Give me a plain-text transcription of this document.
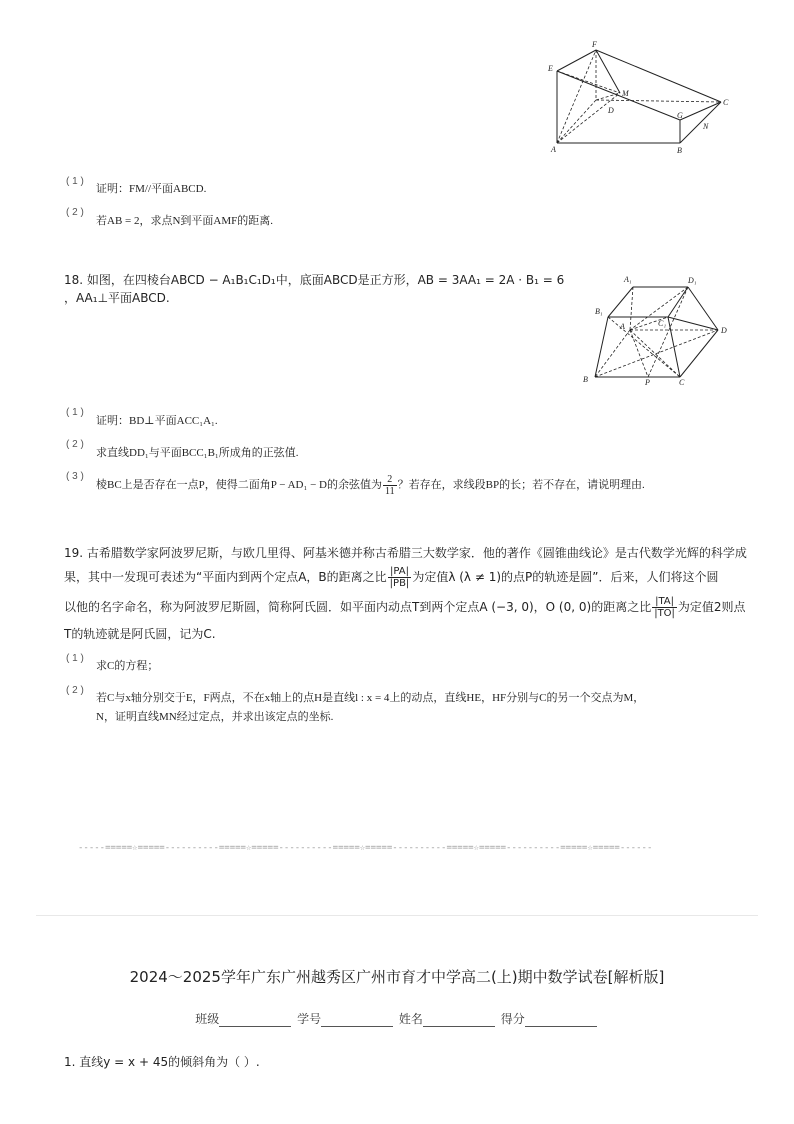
F
E
M
D
C
G
N
A	B
( 1 )
证明：FM//平面ABCD.
( 2 )
若AB = 2，求点N到平面AMF的距离.
18. 如图，在四棱台ABCD − A₁B₁C₁D₁中，底面ABCD是正方形，AB = 3AA₁ = 2A · B₁ = 6
，AA₁⊥平面ABCD.
A₁	D₁
B₁
C₁
A	D
B	P	C
( 1 )
证明：BD⊥平面ACC₁A₁.
( 2 )
求直线DD₁与平面BCC₁B₁所成角的正弦值.
( 3 )
棱BC上是否存在一点P，使得二面角P − AD₁ − D的余弦值为 $\frac{2}{11}$ ？若存在，求线段BP的长；若不存在，请说明理由.
19. 古希腊数学家阿波罗尼斯，与欧几里得、阿基米德并称古希腊三大数学家．他的著作《圆锥曲线论》是古代数学光辉的科学成
果，其中一发现可表述为“平面内到两个定点A，B的距离之比 $\frac{|PA|}{|PB|}$ 为定值λ (λ ≠ 1)的点P的轨迹是圆”．后来，人们将这个圆
以他的名字命名，称为阿波罗尼斯圆，简称阿氏圆．如平面内动点T到两个定点A (−3, 0)，O (0, 0)的距离之比 $\frac{|TA|}{|TO|}$ 为定值2则点
T的轨迹就是阿氏圆，记为C.
( 1 )
求C的方程；
( 2 )
若C与x轴分别交于E，F两点，不在x轴上的点H是直线l : x = 4上的动点，直线HE，HF分别与C的另一个交点为M，
N，证明直线MN经过定点，并求出该定点的坐标.
-----=====☆=====----------=====☆=====----------=====☆=====----------=====☆=====----------=====☆=====------
2024～2025学年广东广州越秀区广州市育才中学高二(上)期中数学试卷[解析版]
班级	学号	姓名	得分
1. 直线y = x + 45的倾斜角为（ ）.
